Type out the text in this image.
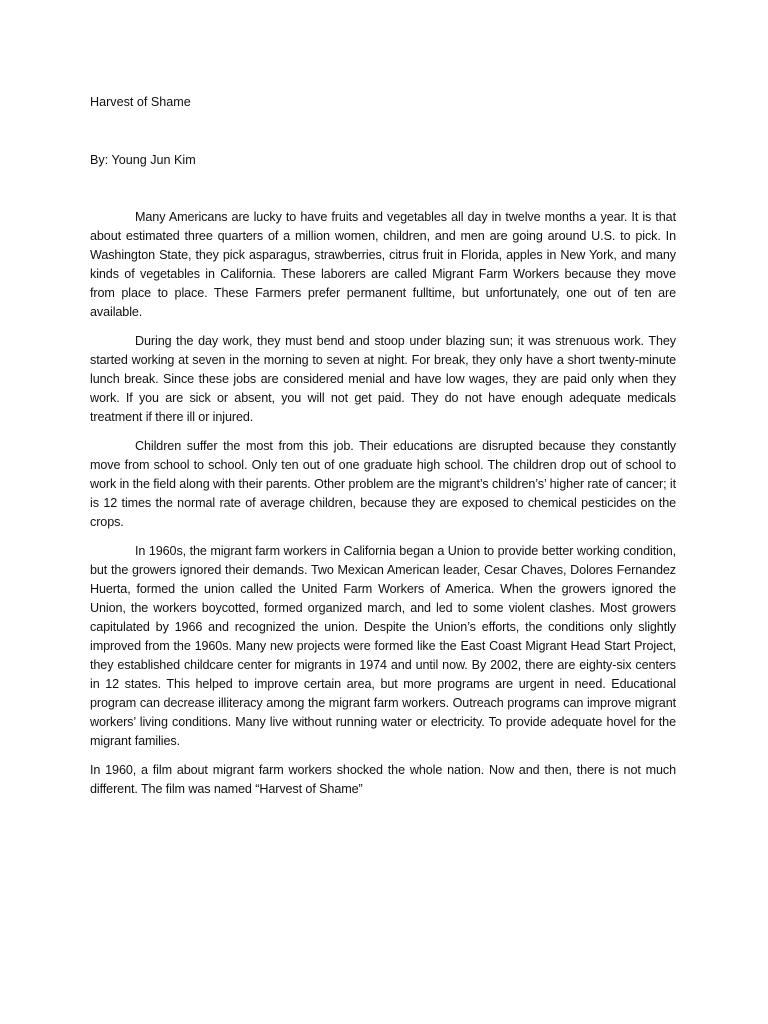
Harvest of Shame

By: Young Jun Kim

Many Americans are lucky to have fruits and vegetables all day in twelve months a year. It is that about estimated three quarters of a million women, children, and men are going around U.S. to pick. In Washington State, they pick asparagus, strawberries, citrus fruit in Florida, apples in New York, and many kinds of vegetables in California. These laborers are called Migrant Farm Workers because they move from place to place. These Farmers prefer permanent fulltime, but unfortunately, one out of ten are available.

During the day work, they must bend and stoop under blazing sun; it was strenuous work. They started working at seven in the morning to seven at night. For break, they only have a short twenty-minute lunch break. Since these jobs are considered menial and have low wages, they are paid only when they work. If you are sick or absent, you will not get paid. They do not have enough adequate medicals treatment if there ill or injured.

Children suffer the most from this job. Their educations are disrupted because they constantly move from school to school. Only ten out of one graduate high school. The children drop out of school to work in the field along with their parents. Other problem are the migrant’s children’s’ higher rate of cancer; it is 12 times the normal rate of average children, because they are exposed to chemical pesticides on the crops.

In 1960s, the migrant farm workers in California began a Union to provide better working condition, but the growers ignored their demands. Two Mexican American leader, Cesar Chaves, Dolores Fernandez Huerta, formed the union called the United Farm Workers of America. When the growers ignored the Union, the workers boycotted, formed organized march, and led to some violent clashes. Most growers capitulated by 1966 and recognized the union. Despite the Union’s efforts, the conditions only slightly improved from the 1960s. Many new projects were formed like the East Coast Migrant Head Start Project, they established childcare center for migrants in 1974 and until now. By 2002, there are eighty-six centers in 12 states. This helped to improve certain area, but more programs are urgent in need. Educational program can decrease illiteracy among the migrant farm workers. Outreach programs can improve migrant workers’ living conditions. Many live without running water or electricity. To provide adequate hovel for the migrant families.

In 1960, a film about migrant farm workers shocked the whole nation. Now and then, there is not much different. The film was named “Harvest of Shame”
